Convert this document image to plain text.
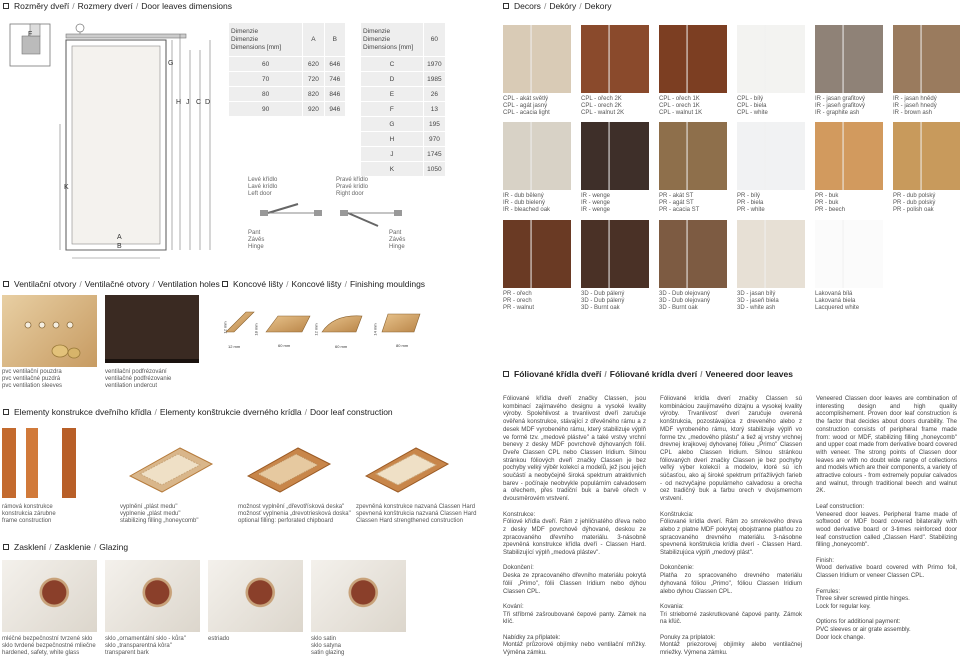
Rozměry dveří / Rozmery dverí / Door leaves dimensions	Decors / Dekóry / Dekory
F
G
H J C D
K
A
B
Dimenzie
Dimenzie
Dimensions [mm]	A	B
60	620	646
70	720	746
80	820	846
90	920	946
Dimenzie
Dimenzie
Dimensions [mm]	60
C	1970
D	1985
E	26
F	13
G	195
H	970
J	1745
K	1050
Levé křídlo
Lavé krídlo
Left door
Pravé křídlo
Pravé krídlo
Right door
Pant
Závěs
Hinge
Pant
Závěs
Hinge
CPL - akát světlý
CPL - agát jasný
CPL - acacia light
CPL - ořech 2K
CPL - orech 2K
CPL - walnut 2K
CPL - ořech 1K
CPL - orech 1K
CPL - walnut 1K
CPL - bílý
CPL - biela
CPL - white
IR - jasan grafitový
IR - jaseň grafitový
IR - graphite ash
IR - jasan hnědý
IR - jaseň hnedý
IR - brown ash
IR - dub bělený
IR - dub bielený
IR - bleached oak
IR - wenge
IR - wenge
IR - wenge
PR - akát ST
PR - agát ST
PR - acacia ST
PR - bílý
PR - biela
PR - white
PR - buk
PR - buk
PR - beech
PR - dub polský
PR - dub polský
PR - polish oak
PR - ořech
PR - orech
PR - walnut
3D - Dub pálený
3D - Dub pálený
3D - Burnt oak
3D - Dub olejovaný
3D - Dub olejovaný
3D - Burnt oak
3D - jasan bílý
3D - jaseň biela
3D - white ash
Lakovaná bílá
Lakovaná biela
Lacquered white
Ventilační otvory / Ventilačné otvory / Ventilation holes
pvc ventilační pouzdra
pvc ventilačné puzdrá
pvc ventilation sleeves
ventilační podfrézování
ventilačné podfrézovanie
ventilation undercut
Koncové lišty / Koncové lišty / Finishing mouldings
12 mm
12 mm
18 mm
60 mm
12 mm
60 mm
14 mm
80 mm
Elementy konstrukce dveřního křídla / Elementy konštrukcie dverného krídla / Door leaf construction
rámová konstrukce
konstrukcia zárubne
frame construction
vyplnění „plást medu"
vyplnenie „plást medu"
stabilizing filling „honeycomb"
možnost vyplnění „dřevotřísková deska"
možnosť vyplnenia „drevotriesková doska"
optional filling: perforated chipboard
zpevněná konstrukce nazvaná Classen Hard
spevnená konštrukcia nazvaná Classen Hard
Classen Hard strengthened construction
Zasklení / Zasklenie / Glazing
mléčné bezpečnostní tvrzené sklo
sklo tvrdené bezpečnostné mliečne
hardened, safety, white glass
sklo „ornamentální sklo - kůra"
sklo „transparentná kôra"
transparent bark
estriado	sklo satin
sklo satyna
satin glazing
Fóliované křídla dveří / Fóliované krídla dverí / Veneered door leaves

Fóliované křídla dveří značky Classen, jsou kombinací zajímavého designu a vysoké kvality výroby. Spolehlivost a trvanlivost dveří zaručuje ověřená konstrukce, stávající z dřevěného rámu a z desek MDF vyrobeného rámu, který stabilizuje výplň ve formě tzv. „medové plástve" a také vrstvy vrchní benevy z desky MDF povrchově dýhovaných fólií. Dveře Classen CPL nebo Classen Iridium. Silnou stránkou fóliových dveří značky Classen je bez pochyby velký výběr kolekcí a modelů, jež jsou jejich součástí a neobyčejně široká spektrum atraktivních barev - počínaje neobvykle populárním calvadosem a ořechem, přes tradiční buk a barvě ořech v dvousměrovém vrstvení.

Konstrukce:
Fóliové křídla dveří. Rám z jehličnatého dřeva nebo z desky MDF povrchově dýhované, deskou ze zpracovaného dřevního materiálu. 3-násobně zpevněná konstrukce křídla dveří - Classen Hard. Stabilizující výplň „medová plástev".

Dokončení:
Deska ze zpracovaného dřevního materiálu pokrytá fólií „Primo", fólii Classen Iridium nebo dýhou Classen CPL.

Kování:
Tři stříbrné zašroubované čepové panty. Zámek na klíč.

Nabídky za příplatek:
Montáž průzorové objímky nebo ventilační mřížky. Výměna zámku.

Fóliované krídla dverí značky Classen sú kombináciou zaujímavého dizajnu a vysokej kvality výroby. Trvanlivosť dverí zaručuje overená konštrukcia, pozostávajúca z dreveného alebo z MDF vyrobeného rámu, ktorý stabilizuje výplň vo forme tzv. „medového plástu" a tiež aj vrstvy vrchnej drevnej krajkovej dyhovanej fólieu „Primo" Classen CPL alebo Classen Iridium. Silnou stránkou fóliovaných dverí značky Classen je bez pochyby veľký výber kolekcií a modelov, ktoré sú ich súčasťou, ako aj široké spektrum príťažlivých farieb - od nezvyčajne populárneho calvadosu a orecha cez tradičný buk a farbu orech v dvojsmernom vrstvení.

Konštrukcia:
Fóliované krídla dverí. Rám zo smrekového dreva alebo z platne MDF pokrytej obojstranne platňou zo spracovaného drevného materiálu. 3-násobne spevnená konštrukcia krídla dverí - Classen Hard. Stabilizujúca výplň „medový plást".

Dokončenie:
Platňa zo spracovaného drevného materiálu dyhovaná fóliou „Primo", fóliou Classen Iridium alebo dyhou Classen CPL.

Kovania:
Tri strieborné zaskrutkované čapové panty. Zámok na kľúč.

Ponuky za príplatok:
Montáž priezorovej objímky alebo ventilačnej mriežky. Výmena zámku.

Veneered Classen door leaves are combination of interesting design and high quality accomplishement. Proven door leaf construction is the factor that decides about doors durability. The construction consists of peripheral frame made from: wood or MDF, stabilizing filling „honeycomb" and upper coat made from derivative board covered with veneer. The strong points of Classen door leaves are with no doubt wide range of collections and models which are their components, a variety of attractive colours - from extremely popular calvados and walnut, through traditional beech and walnut 2K.

Leaf construction:
Veneered door leaves. Peripheral frame made of softwood or MDF board covered bilaterally with wood derivative board or 3-times reinforced door leaf construction called „Classen Hard". Stabilizing filling „honeycomb".

Finish:
Wood derivative board covered with Primo foil, Classen Iridium or veneer Classen CPL.

Ferrules:
Three silver screwed pintle hinges.
Lock for regular key.

Options for additional payment:
PVC sleeves or air grate assembly.
Door lock change.
